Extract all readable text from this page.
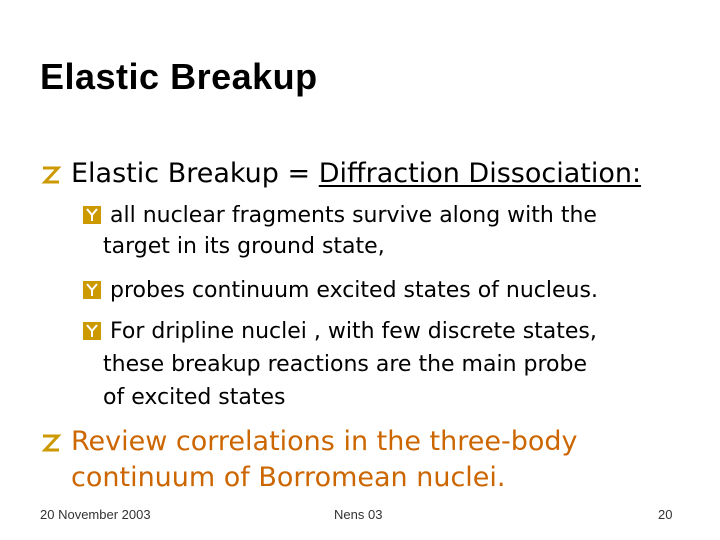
Elastic Breakup
Elastic Breakup = Diffraction Dissociation:
all nuclear fragments survive along with the
target in its ground state,
probes continuum excited states of nucleus.
For dripline nuclei , with few discrete states,
these breakup reactions are the main probe
of excited states
Review correlations in the three-body
continuum of Borromean nuclei.
20 November 2003	Nens 03	20
